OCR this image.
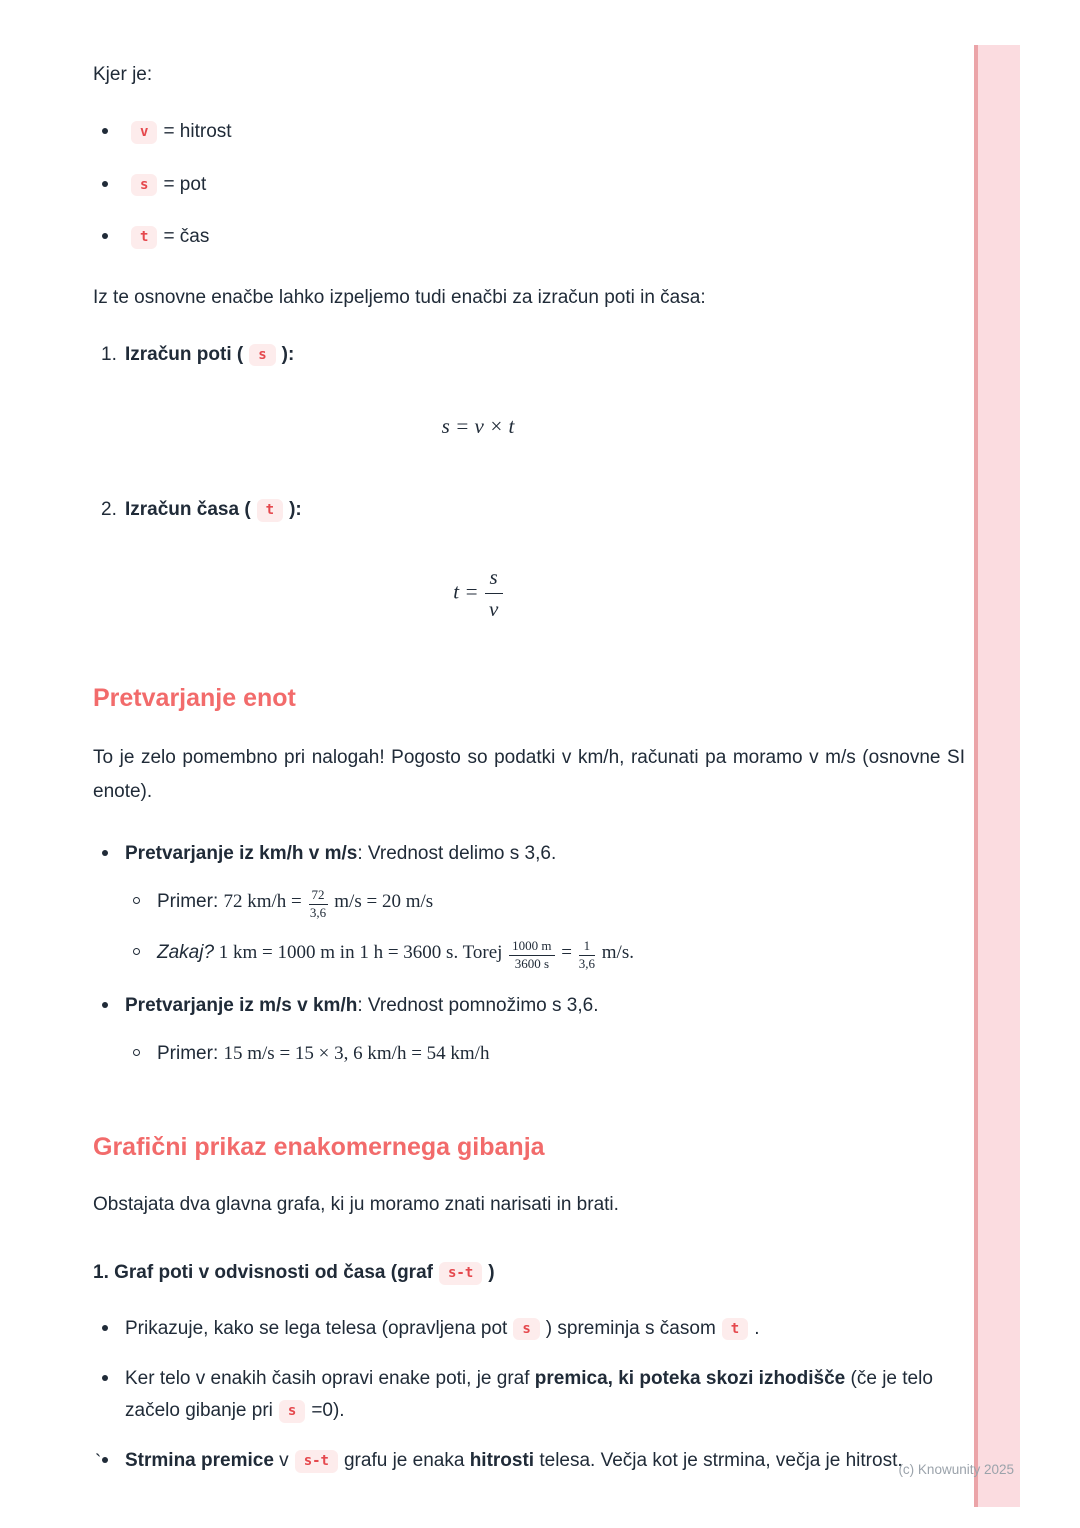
Kjer je:

v = hitrost
s = pot
t = čas

Iz te osnovne enačbe lahko izpeljemo tudi enačbi za izračun poti in časa:

1. Izračun poti ( s ):
s = v × t
2. Izračun časa ( t ):
$t = \frac{s}{v}$
Pretvarjanje enot

To je zelo pomembno pri nalogah! Pogosto so podatki v km/h, računati pa moramo v m/s (osnovne SI enote).

Pretvarjanje iz km/h v m/s: Vrednost delimo s 3,6.
Primer: 72 $km/h = \frac{72}{3,6} m/s = 20$ m/s
Zakaj? 1 km = 1000 m in 1 h = 3600 s. Torej $\frac{1000 m}{3600 s} = \frac{1}{3,6} m/s$.
Pretvarjanje iz m/s v km/h: Vrednost pomnožimo s 3,6.
Primer: 15 m/s = 15 × 3, 6 km/h = 54 km/h
Grafični prikaz enakomernega gibanja

Obstajata dva glavna grafa, ki ju moramo znati narisati in brati.

1. Graf poti v odvisnosti od časa (graf s-t )

Prikazuje, kako se lega telesa (opravljena pot s ) spreminja s časom t .
Ker telo v enakih časih opravi enake poti, je graf premica, ki poteka skozi izhodišče (če je telo začelo gibanje pri s =0).
Strmina premice v s-t grafu je enaka hitrosti telesa. Večja kot je strmina, večja je hitrost.
`	(c) Knowunity 2025
